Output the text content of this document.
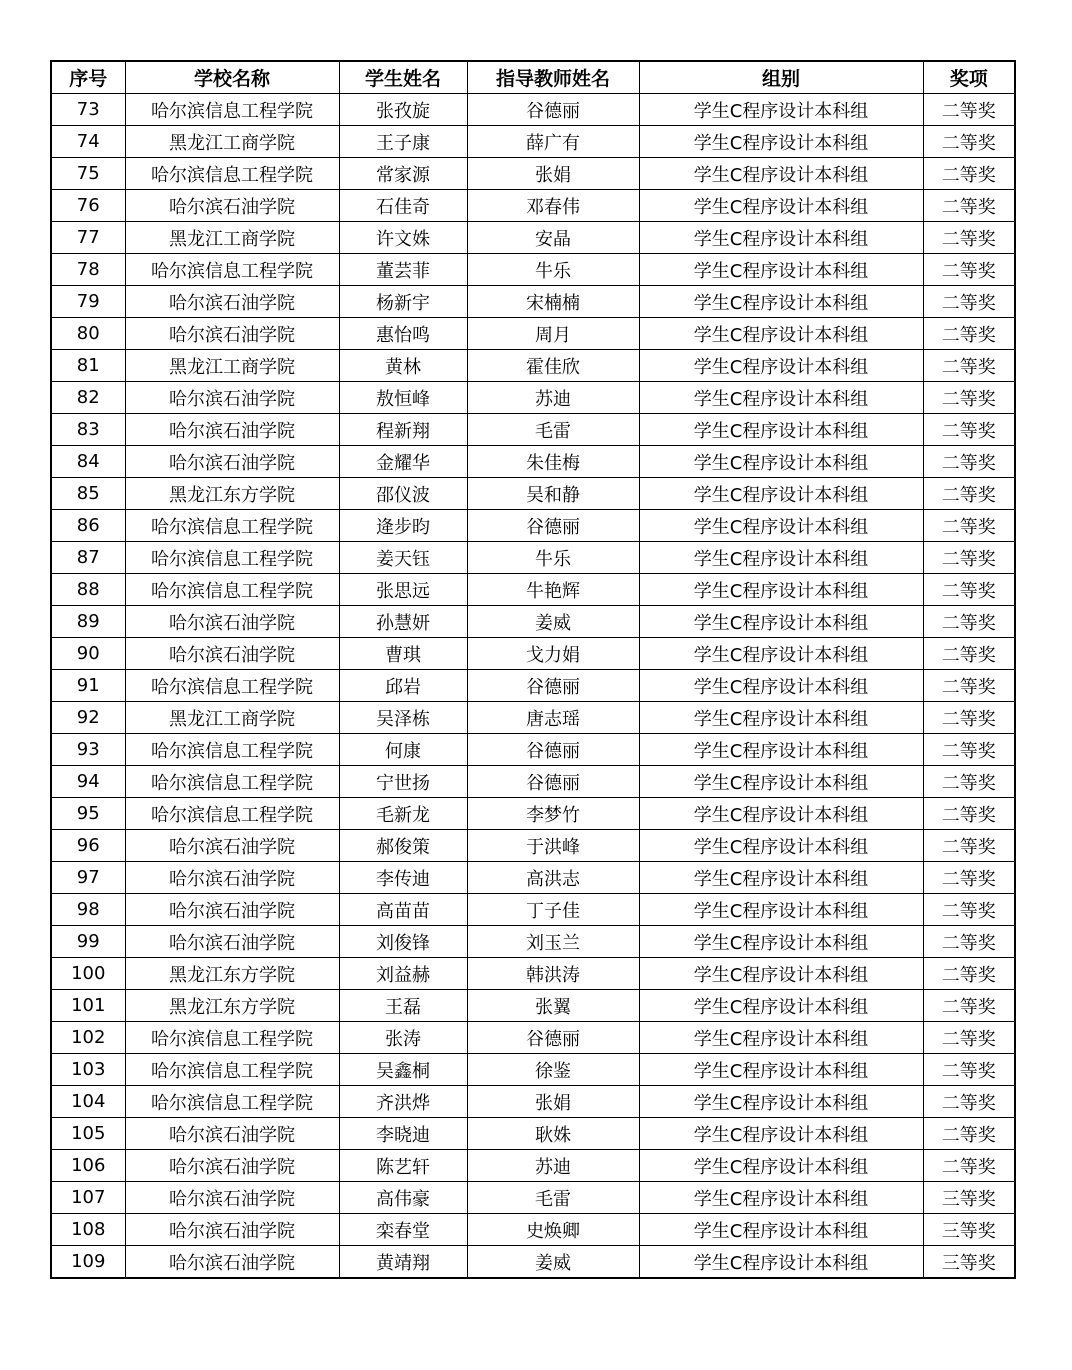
序号	学校名称	学生姓名	指导教师姓名	组别	奖项
73	哈尔滨信息工程学院	张孜旋	谷德丽	学生C程序设计本科组	二等奖
74	黑龙江工商学院	王子康	薛广有	学生C程序设计本科组	二等奖
75	哈尔滨信息工程学院	常家源	张娟	学生C程序设计本科组	二等奖
76	哈尔滨石油学院	石佳奇	邓春伟	学生C程序设计本科组	二等奖
77	黑龙江工商学院	许文姝	安晶	学生C程序设计本科组	二等奖
78	哈尔滨信息工程学院	董芸菲	牛乐	学生C程序设计本科组	二等奖
79	哈尔滨石油学院	杨新宇	宋楠楠	学生C程序设计本科组	二等奖
80	哈尔滨石油学院	惠怡鸣	周月	学生C程序设计本科组	二等奖
81	黑龙江工商学院	黄林	霍佳欣	学生C程序设计本科组	二等奖
82	哈尔滨石油学院	敖恒峰	苏迪	学生C程序设计本科组	二等奖
83	哈尔滨石油学院	程新翔	毛雷	学生C程序设计本科组	二等奖
84	哈尔滨石油学院	金耀华	朱佳梅	学生C程序设计本科组	二等奖
85	黑龙江东方学院	邵仪波	吴和静	学生C程序设计本科组	二等奖
86	哈尔滨信息工程学院	逄步昀	谷德丽	学生C程序设计本科组	二等奖
87	哈尔滨信息工程学院	姜天钰	牛乐	学生C程序设计本科组	二等奖
88	哈尔滨信息工程学院	张思远	牛艳辉	学生C程序设计本科组	二等奖
89	哈尔滨石油学院	孙慧妍	姜威	学生C程序设计本科组	二等奖
90	哈尔滨石油学院	曹琪	戈力娟	学生C程序设计本科组	二等奖
91	哈尔滨信息工程学院	邱岩	谷德丽	学生C程序设计本科组	二等奖
92	黑龙江工商学院	吴泽栋	唐志瑶	学生C程序设计本科组	二等奖
93	哈尔滨信息工程学院	何康	谷德丽	学生C程序设计本科组	二等奖
94	哈尔滨信息工程学院	宁世扬	谷德丽	学生C程序设计本科组	二等奖
95	哈尔滨信息工程学院	毛新龙	李梦竹	学生C程序设计本科组	二等奖
96	哈尔滨石油学院	郝俊策	于洪峰	学生C程序设计本科组	二等奖
97	哈尔滨石油学院	李传迪	高洪志	学生C程序设计本科组	二等奖
98	哈尔滨石油学院	高苗苗	丁子佳	学生C程序设计本科组	二等奖
99	哈尔滨石油学院	刘俊锋	刘玉兰	学生C程序设计本科组	二等奖
100	黑龙江东方学院	刘益赫	韩洪涛	学生C程序设计本科组	二等奖
101	黑龙江东方学院	王磊	张翼	学生C程序设计本科组	二等奖
102	哈尔滨信息工程学院	张涛	谷德丽	学生C程序设计本科组	二等奖
103	哈尔滨信息工程学院	吴鑫桐	徐鉴	学生C程序设计本科组	二等奖
104	哈尔滨信息工程学院	齐洪烨	张娟	学生C程序设计本科组	二等奖
105	哈尔滨石油学院	李晓迪	耿姝	学生C程序设计本科组	二等奖
106	哈尔滨石油学院	陈艺轩	苏迪	学生C程序设计本科组	二等奖
107	哈尔滨石油学院	高伟豪	毛雷	学生C程序设计本科组	三等奖
108	哈尔滨石油学院	栾春堂	史焕卿	学生C程序设计本科组	三等奖
109	哈尔滨石油学院	黄靖翔	姜威	学生C程序设计本科组	三等奖
